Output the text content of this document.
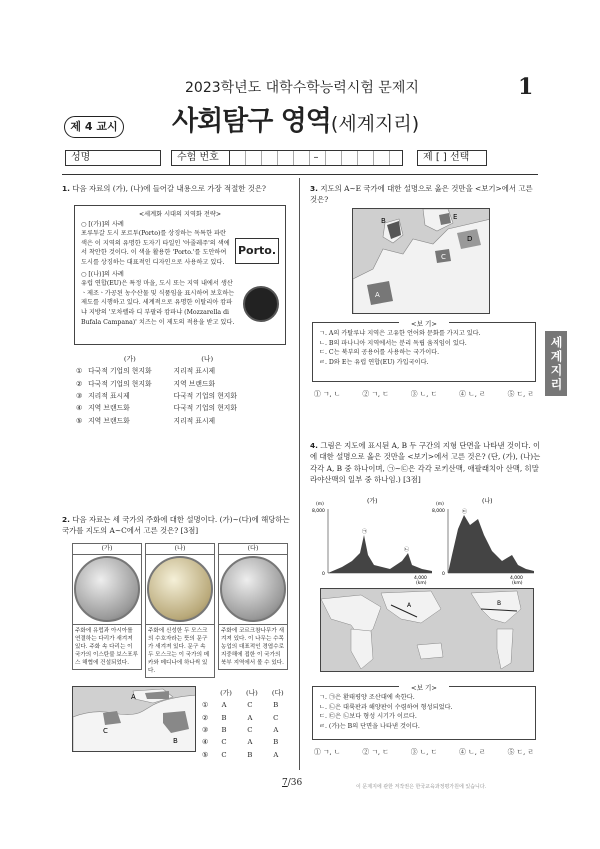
2023학년도 대학수학능력시험 문제지	1
제 4 교시 사회탐구 영역(세계지리)
성명	수험 번호	–	제 [ ] 선택
세계지리
1. 다음 자료의 (가), (나)에 들어갈 내용으로 가장 적절한 것은?
<세계화 시대의 지역화 전략>
○ [(가)]의 사례
포루투갈 도시 포르투(Porto)를 상징하는 독특한 파란색은 이 지역의 유명한 도자기 타일인 '아줄레주'의 색에서 착안한 것이다. 이 색을 활용한 'Porto.'를 도안하여 도시를 상징하는 대표적인 디자인으로 사용하고 있다.
Porto.
○ [(나)]의 사례
유럽 연합(EU)은 특정 마을, 도시 또는 지역 내에서 생산ㆍ제조ㆍ가공된 농수산물 및 식품임을 표시하여 보호하는 제도를 시행하고 있다. 세계적으로 유명한 이탈리아 캄파냐 지방의 '모차렐라 디 부팔라 캄파냐 (Mozzarella di Bufala Campana)' 치즈는 이 제도의 적용을 받고 있다.
	(가)	(나)
①	다국적 기업의 현지화	지리적 표시제
②	다국적 기업의 현지화	지역 브랜드화
③	지리적 표시제	다국적 기업의 현지화
④	지역 브랜드화	다국적 기업의 현지화
⑤	지역 브랜드화	지리적 표시제
2. 다음 자료는 세 국가의 주화에 대한 설명이다. (가)~(다)에 해당하는 국가를 지도의 A~C에서 고른 것은? [3점]
(가)
주화에 유럽과 아시아를 연결하는 다리가 새겨져 있다. 주화 속 다리는 이 국가의 이스탄불 보스포루스 해협에 건설되었다.
(나)
주화에 신성한 두 모스크의 수호자라는 뜻의 문구가 새겨져 있다. 문구 속 두 모스크는 이 국가의 메카와 메디나에 하나씩 있다.
(다)
주화에 코르크참나무가 새겨져 있다. 이 나무는 수목 농업의 대표적인 경엽수로 지중해에 접한 이 국가의 북부 지역에서 볼 수 있다.
A
B
C
	(가)	(나)	(다)
①	A	C	B
②	B	A	C
③	B	C	A
④	C	A	B
⑤	C	B	A
3. 지도의 A~E 국가에 대한 설명으로 옳은 것만을 <보기>에서 고른 것은?
A
B
C
D
E
<보 기>
ㄱ. A의 카탈루냐 지역은 고유한 언어와 문화를 가지고 있다.
ㄴ. B의 파나니아 지역에서는 분리 독립 움직임이 있다.
ㄷ. C는 북부의 공용어를 사용하는 국가이다.
ㄹ. D와 E는 유럽 연합(EU) 가입국이다.
① ㄱ, ㄴ	② ㄱ, ㄷ	③ ㄴ, ㄷ	④ ㄴ, ㄹ	⑤ ㄷ, ㄹ
4. 그림은 지도에 표시된 A, B 두 구간의 지형 단면을 나타낸 것이다. 이에 대한 설명으로 옳은 것만을 <보기>에서 고른 것은? (단, (가), (나)는 각각 A, B 중 하나이며, ㉠~㉢은 각각 로키산맥, 애팔래치아 산맥, 히말라야산맥의 일부 중 하나임.) [3점]
(가)	(나)
(m)
8,000
0
㉠
㉡
4,000
(km)
(m)
8,000
0
㉢
4,000
(km)
A	B
<보 기>
ㄱ. ㉠은 환태평양 조산대에 속한다.
ㄴ. ㉡은 대륙판과 해양판이 수렴하여 형성되었다.
ㄷ. ㉢은 ㉡보다 형성 시기가 이르다.
ㄹ. (가)는 B의 단면을 나타낸 것이다.
① ㄱ, ㄴ	② ㄱ, ㄷ	③ ㄴ, ㄷ	④ ㄴ, ㄹ	⑤ ㄷ, ㄹ
7/36	이 문제지에 관한 저작권은 한국교육과정평가원에 있습니다.
